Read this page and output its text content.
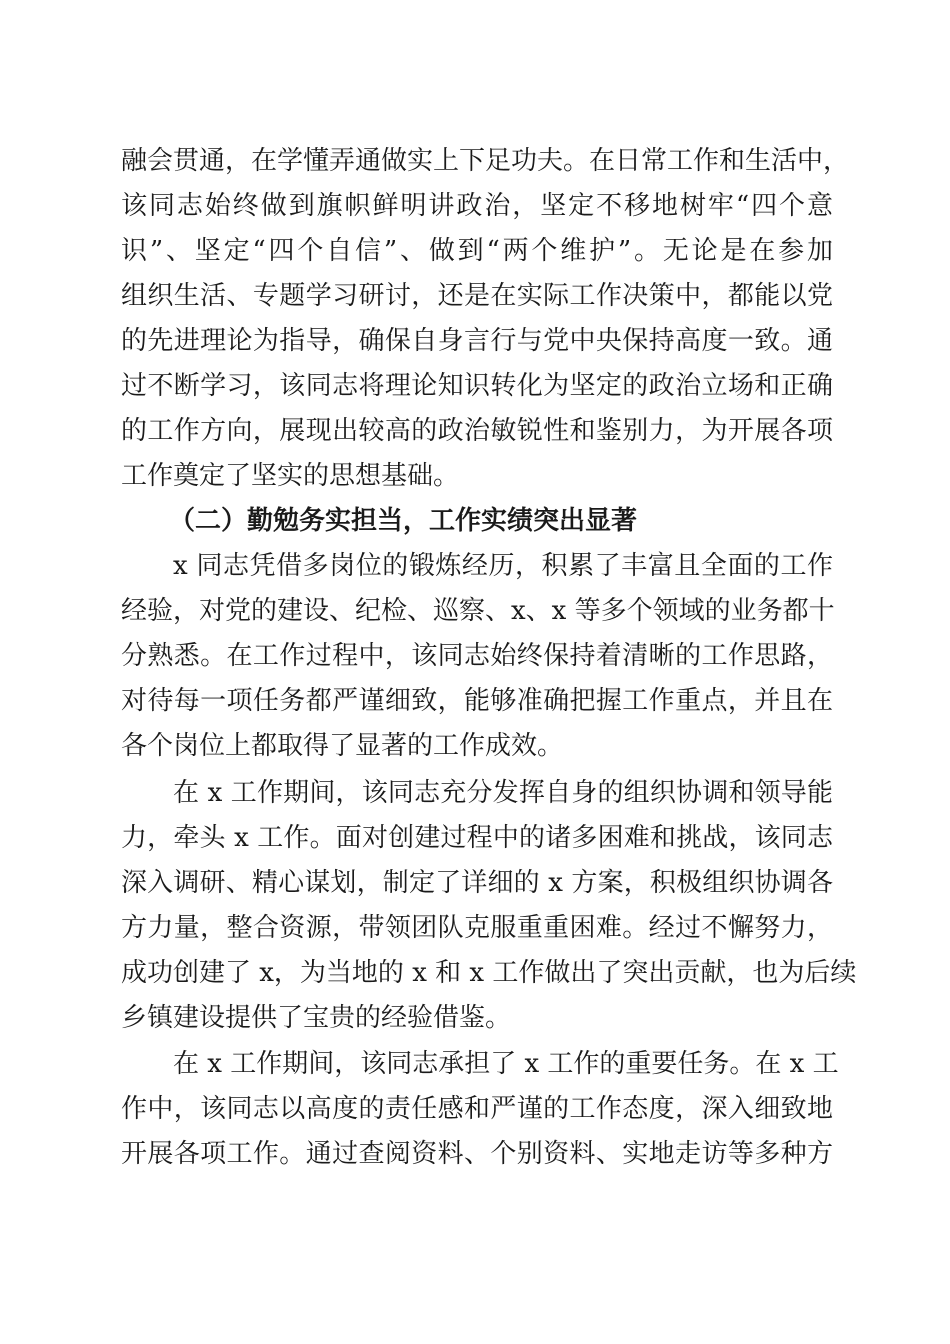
融会贯通，在学懂弄通做实上下足功夫。在日常工作和生活中，
该同志始终做到旗帜鲜明讲政治，坚定不移地树牢“四个意
识”、坚定“四个自信”、做到“两个维护”。无论是在参加
组织生活、专题学习研讨，还是在实际工作决策中，都能以党
的先进理论为指导，确保自身言行与党中央保持高度一致。通
过不断学习，该同志将理论知识转化为坚定的政治立场和正确
的工作方向，展现出较高的政治敏锐性和鉴别力，为开展各项
工作奠定了坚实的思想基础。
（二）勤勉务实担当，工作实绩突出显著
x 同志凭借多岗位的锻炼经历，积累了丰富且全面的工作
经验，对党的建设、纪检、巡察、x、x 等多个领域的业务都十
分熟悉。在工作过程中，该同志始终保持着清晰的工作思路，
对待每一项任务都严谨细致，能够准确把握工作重点，并且在
各个岗位上都取得了显著的工作成效。
在 x 工作期间，该同志充分发挥自身的组织协调和领导能
力，牵头 x 工作。面对创建过程中的诸多困难和挑战，该同志
深入调研、精心谋划，制定了详细的 x 方案，积极组织协调各
方力量，整合资源，带领团队克服重重困难。经过不懈努力，
成功创建了 x，为当地的 x 和 x 工作做出了突出贡献，也为后续
乡镇建设提供了宝贵的经验借鉴。
在 x 工作期间，该同志承担了 x 工作的重要任务。在 x 工
作中，该同志以高度的责任感和严谨的工作态度，深入细致地
开展各项工作。通过查阅资料、个别资料、实地走访等多种方
